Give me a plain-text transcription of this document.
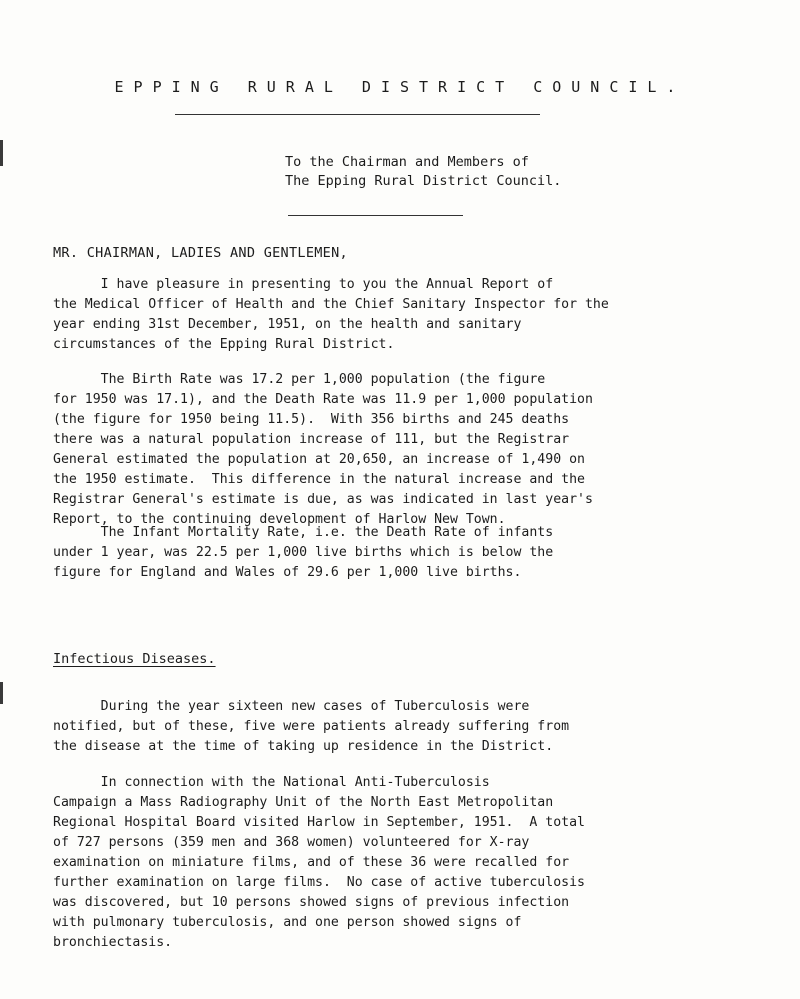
EPPING RURAL DISTRICT COUNCIL.
To the Chairman and Members of
The Epping Rural District Council.
MR. CHAIRMAN, LADIES AND GENTLEMEN,
I have pleasure in presenting to you the Annual Report of
the Medical Officer of Health and the Chief Sanitary Inspector for the
year ending 31st December, 1951, on the health and sanitary
circumstances of the Epping Rural District.
The Birth Rate was 17.2 per 1,000 population (the figure
for 1950 was 17.1), and the Death Rate was 11.9 per 1,000 population
(the figure for 1950 being 11.5).  With 356 births and 245 deaths
there was a natural population increase of 111, but the Registrar
General estimated the population at 20,650, an increase of 1,490 on
the 1950 estimate.  This difference in the natural increase and the
Registrar General's estimate is due, as was indicated in last year's
Report, to the continuing development of Harlow New Town.
The Infant Mortality Rate, i.e. the Death Rate of infants
under 1 year, was 22.5 per 1,000 live births which is below the
figure for England and Wales of 29.6 per 1,000 live births.
Infectious Diseases.
During the year sixteen new cases of Tuberculosis were
notified, but of these, five were patients already suffering from
the disease at the time of taking up residence in the District.
In connection with the National Anti-Tuberculosis
Campaign a Mass Radiography Unit of the North East Metropolitan
Regional Hospital Board visited Harlow in September, 1951.  A total
of 727 persons (359 men and 368 women) volunteered for X-ray
examination on miniature films, and of these 36 were recalled for
further examination on large films.  No case of active tuberculosis
was discovered, but 10 persons showed signs of previous infection
with pulmonary tuberculosis, and one person showed signs of
bronchiectasis.
